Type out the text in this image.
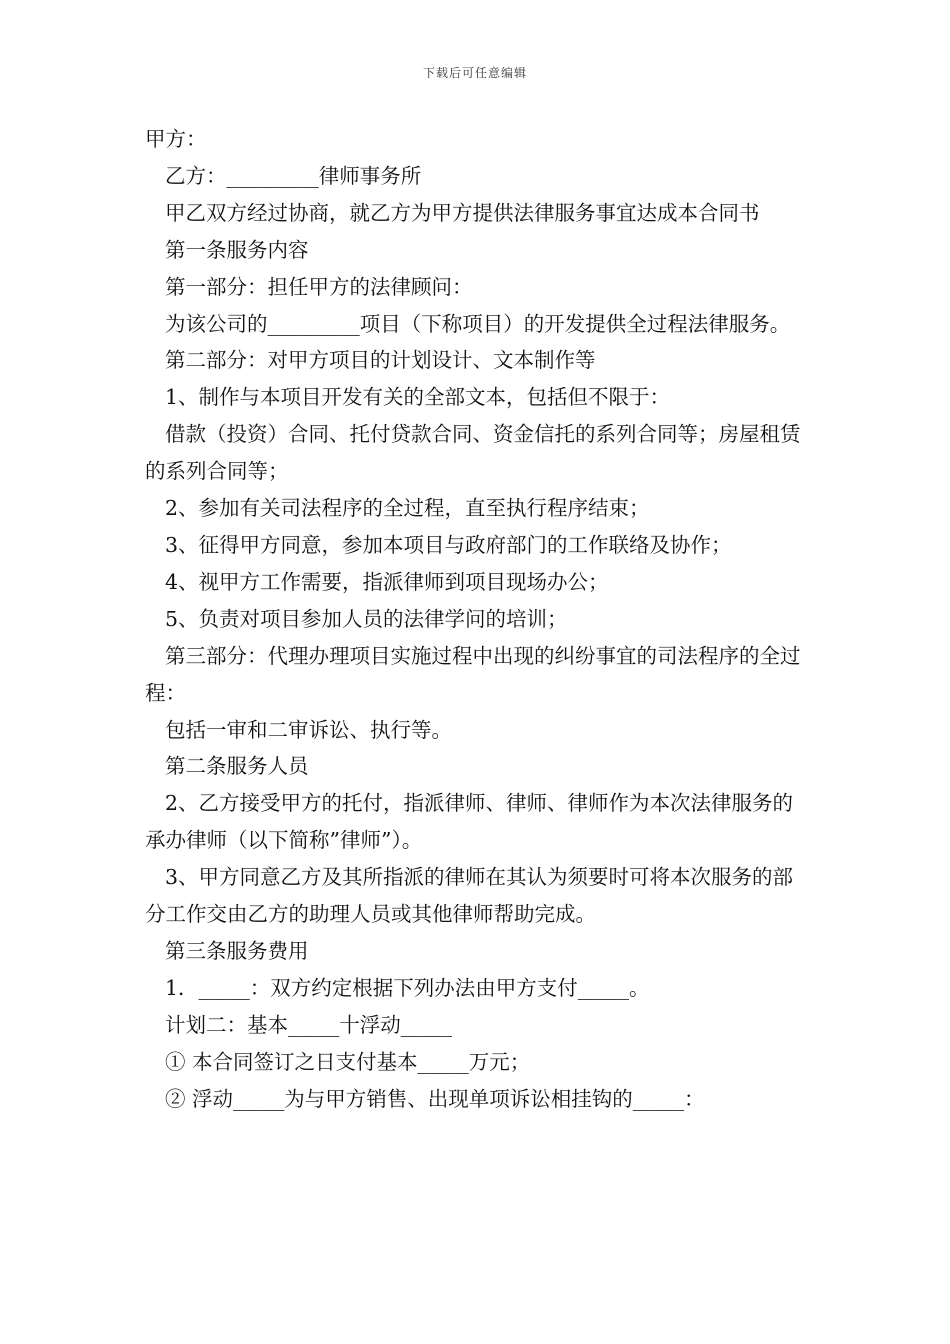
下载后可任意编辑

甲方：

乙方：_________律师事务所

甲乙双方经过协商，就乙方为甲方提供法律服务事宜达成本合同书

第一条服务内容

第一部分：担任甲方的法律顾问：

为该公司的_________项目（下称项目）的开发提供全过程法律服务。

第二部分：对甲方项目的计划设计、文本制作等

1、制作与本项目开发有关的全部文本，包括但不限于：

借款（投资）合同、托付贷款合同、资金信托的系列合同等；房屋租赁的系列合同等；

2、参加有关司法程序的全过程，直至执行程序结束；

3、征得甲方同意，参加本项目与政府部门的工作联络及协作；

4、视甲方工作需要，指派律师到项目现场办公；

5、负责对项目参加人员的法律学问的培训；

第三部分：代理办理项目实施过程中出现的纠纷事宜的司法程序的全过程：

包括一审和二审诉讼、执行等。

第二条服务人员

2、乙方接受甲方的托付，指派律师、律师、律师作为本次法律服务的承办律师（以下简称”律师”）。

3、甲方同意乙方及其所指派的律师在其认为须要时可将本次服务的部分工作交由乙方的助理人员或其他律师帮助完成。

第三条服务费用

1．_____：双方约定根据下列办法由甲方支付_____。

计划二：基本_____十浮动_____

① 本合同签订之日支付基本_____万元；

② 浮动_____为与甲方销售、出现单项诉讼相挂钩的_____：
